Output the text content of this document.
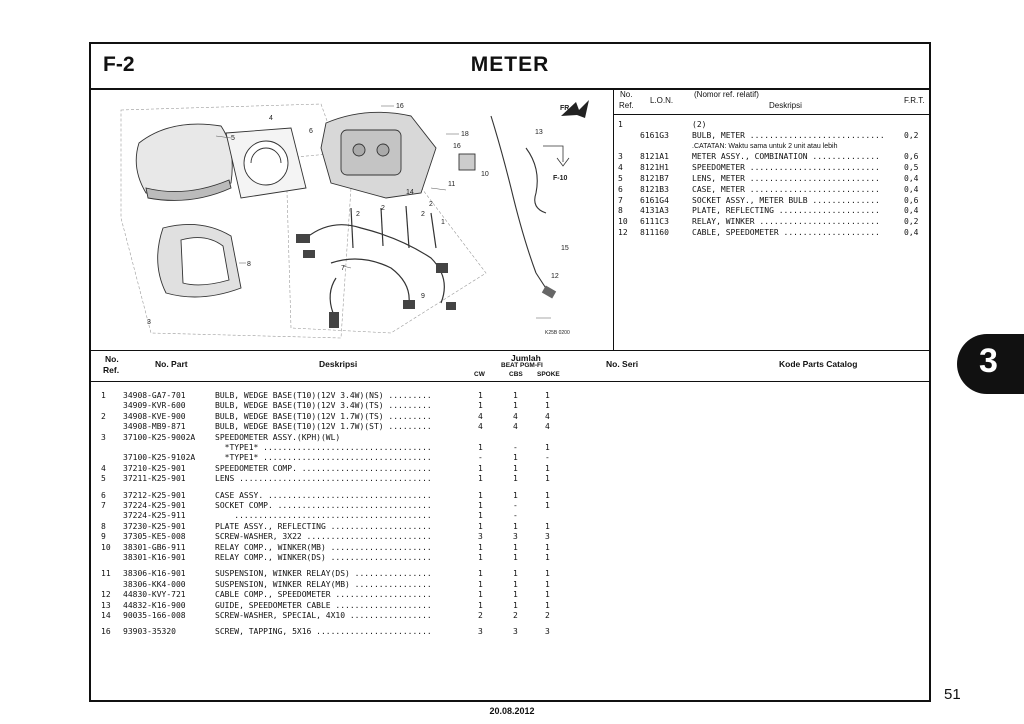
F-2	METER
FR.
F-10
16
4
5
6	18
16
13
10
11
14
2
2
2
2
1
7
8
9
3
15
12
K25B 0200
No.
Ref.
L.O.N.
(Nomor ref. relatif)
Deskripsi
F.R.T.
1	(2)
6161G3	BULB, METER ............................ 0,2
.CATATAN: Waktu sama untuk 2 unit atau lebih
3 8121A1	METER ASSY., COMBINATION ..............	0,6
4 8121H1	SPEEDOMETER ...........................	0,5
5 8121B7	LENS, METER ...........................	0,4
6 8121B3	CASE, METER ...........................	0,4
7 6161G4	SOCKET ASSY., METER BULB ..............	0,6
8 4131A3	PLATE, REFLECTING .....................	0,4
10 6111C3	RELAY, WINKER .........................	0,2
12 811160	CABLE, SPEEDOMETER ....................	0,4
No.
Ref.
No. Part	Deskripsi
Jumlah
BEAT PGM-FI
CW	CBS SPOKE
No. Seri	Kode Parts Catalog
1 34908-GA7-701	BULB, WEDGE BASE(T10)(12V 3.4W)(NS) .........	1	1	1
34909-KVR-600	BULB, WEDGE BASE(T10)(12V 3.4W)(TS) .........	1	1	1
2 34908-KVE-900	BULB, WEDGE BASE(T10)(12V 1.7W)(TS) .........	4	4	4
34908-MB9-871	BULB, WEDGE BASE(T10)(12V 1.7W)(ST) .........	4	4	4
3 37100-K25-9002A SPEEDOMETER ASSY.(KPH)(WL)
*TYPE1* ...................................	1	-	1
37100-K25-9102A *TYPE1* ...................................	-	1	-
4 37210-K25-901	SPEEDOMETER COMP. ...........................	1	1	1
5 37211-K25-901	LENS ........................................	1	1	1
6 37212-K25-901	CASE ASSY. ..................................	1	1	1
7 37224-K25-901	SOCKET COMP. ................................	1	-	1
37224-K25-911	.........................................	1	-
8 37230-K25-901	PLATE ASSY., REFLECTING .....................	1	1	1
9 37305-KE5-008	SCREW-WASHER, 3X22 ..........................	3	3	3
10 38301-GB6-911	RELAY COMP., WINKER(MB) .....................	1	1	1
38301-K16-901	RELAY COMP., WINKER(DS) .....................	1	1	1
11 38306-K16-901	SUSPENSION, WINKER RELAY(DS) ................	1	1	1
38306-KK4-000	SUSPENSION, WINKER RELAY(MB) ................	1	1	1
12 44830-KVY-721	CABLE COMP., SPEEDOMETER ....................	1	1	1
13 44832-K16-900	GUIDE, SPEEDOMETER CABLE ....................	1	1	1
14 90035-166-008	SCREW-WASHER, SPECIAL, 4X10 .................	2	2	2
16 93903-35320	SCREW, TAPPING, 5X16 ........................	3	3	3
3
51
20.08.2012
